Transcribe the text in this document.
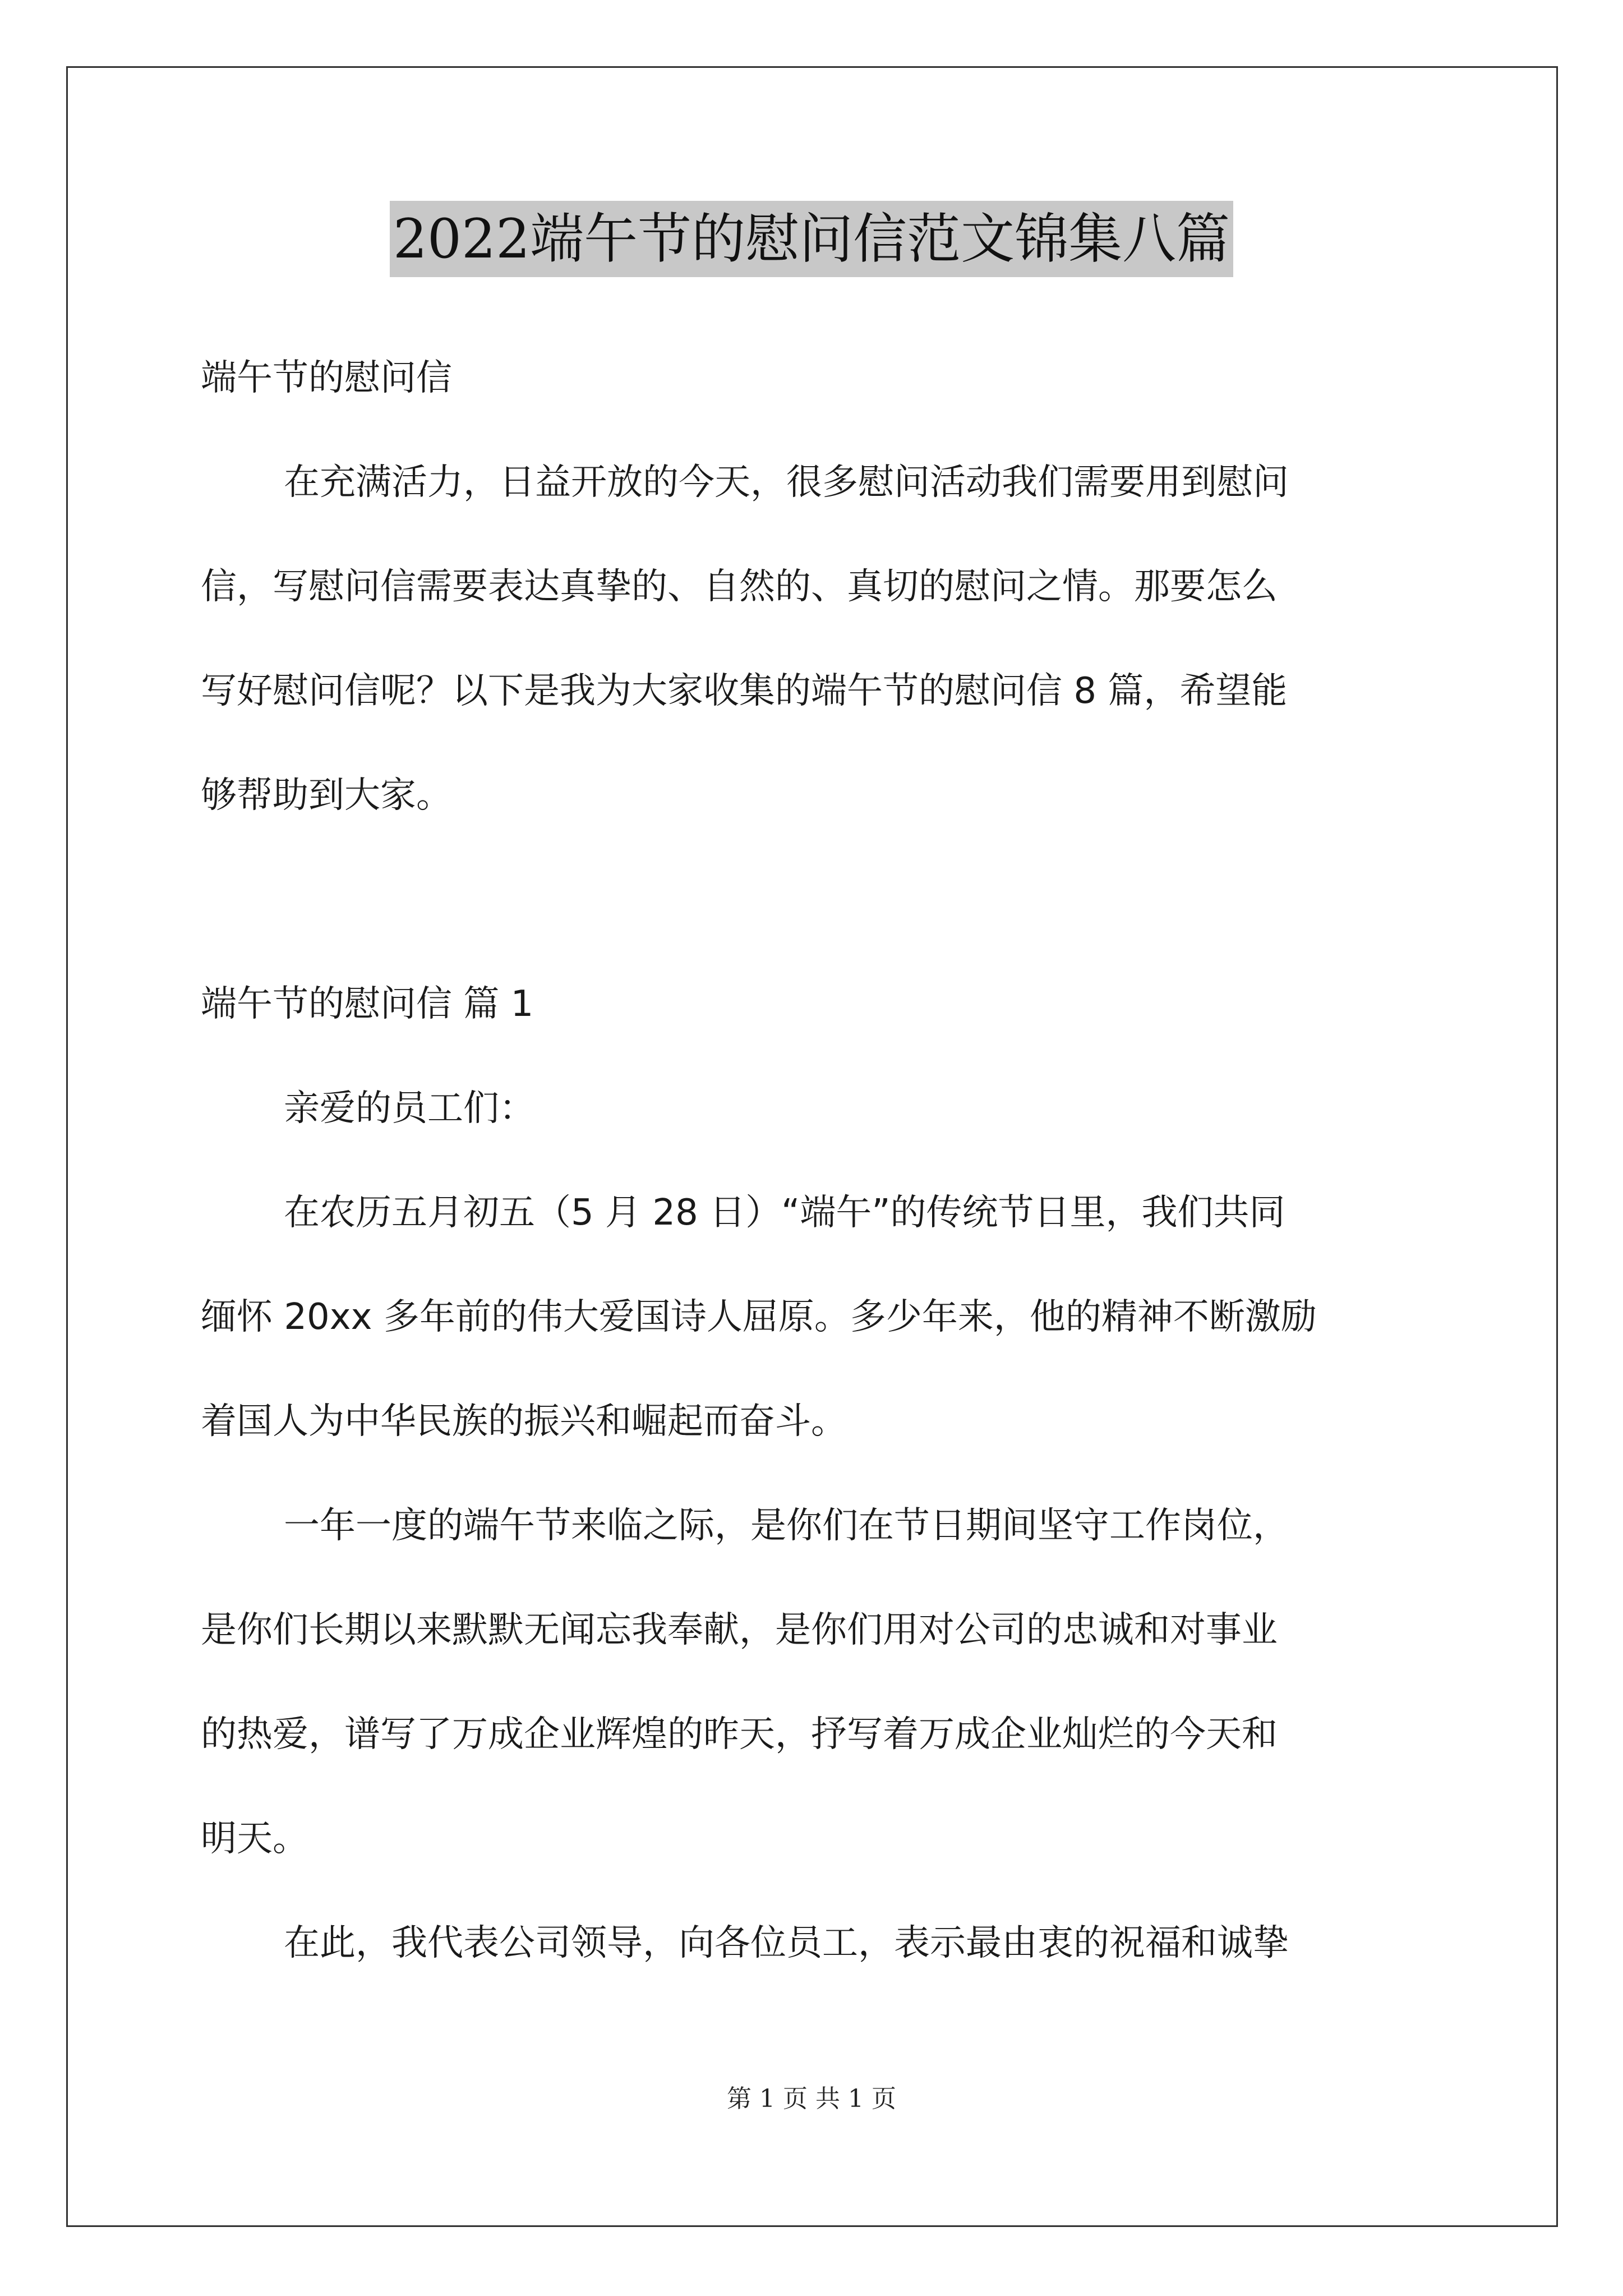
2022端午节的慰问信范文锦集八篇

端午节的慰问信

在充满活力，日益开放的今天，很多慰问活动我们需要用到慰问

信，写慰问信需要表达真挚的、自然的、真切的慰问之情。那要怎么

写好慰问信呢？以下是我为大家收集的端午节的慰问信 8 篇，希望能

够帮助到大家。

端午节的慰问信 篇 1

亲爱的员工们：

在农历五月初五（5 月 28 日）“端午”的传统节日里，我们共同

缅怀 20xx 多年前的伟大爱国诗人屈原。多少年来，他的精神不断激励

着国人为中华民族的振兴和崛起而奋斗。

一年一度的端午节来临之际，是你们在节日期间坚守工作岗位，

是你们长期以来默默无闻忘我奉献，是你们用对公司的忠诚和对事业

的热爱，谱写了万成企业辉煌的昨天，抒写着万成企业灿烂的今天和

明天。

在此，我代表公司领导，向各位员工，表示最由衷的祝福和诚挚

第 1 页 共 1 页
